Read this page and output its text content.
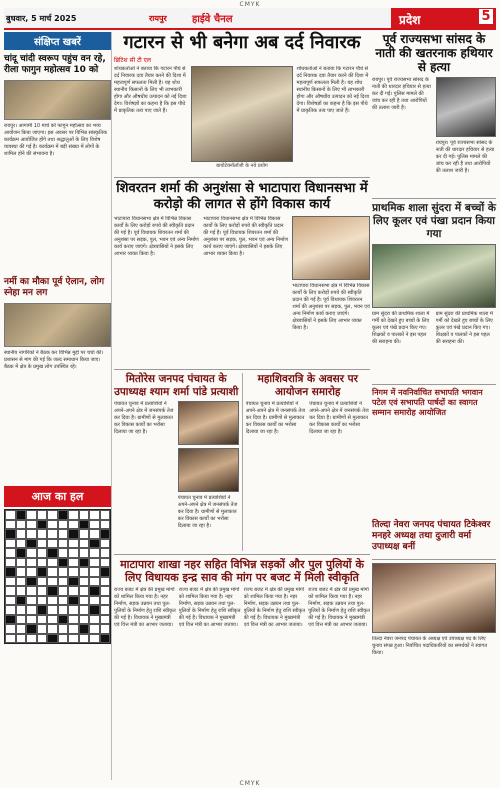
CMYK
बुधवार, 5 मार्च 2025	रायपुर	हाईवे चैनल	प्रदेश	5
संक्षिप्त खबरें
चांदू चांदी स्वरूप पहुंच वन रहे, रीला फागुन महोत्सव 10 को
रायपुर। आगामी 10 मार्च को फागुन महोत्सव का भव्य आयोजन किया जाएगा। इस अवसर पर विभिन्न सांस्कृतिक कार्यक्रम आयोजित होंगे तथा श्रद्धालुओं के लिए विशेष व्यवस्था की गई है। कार्यक्रम में बड़ी संख्या में लोगों के शामिल होने की संभावना है।
नर्मी का मौका पूर्व ऐलान, लोग स्नेहा मन लग
स्थानीय नागरिकों ने बैठक कर विभिन्न मुद्दों पर चर्चा की। प्रशासन से मांग की गई कि जल्द समाधान किया जाए। बैठक में क्षेत्र के प्रमुख लोग उपस्थित रहे।
आज का हल
गटारन से भी बनेगा अब दर्द निवारक
ब्रिटिश सी टी एल
शोधकर्ताओं ने बताया कि गटारन पौधे से दर्द निवारक दवा तैयार करने की दिशा में महत्वपूर्ण सफलता मिली है। यह शोध स्थानीय किसानों के लिए भी लाभकारी होगा और औषधीय उत्पादन को नई दिशा देगा। विशेषज्ञों का कहना है कि इस पौधे में प्राकृतिक तत्व पाए जाते हैं।
बायोटेक्नॉलॉजी के नये प्रयोग
शोधकर्ताओं ने बताया कि गटारन पौधे से दर्द निवारक दवा तैयार करने की दिशा में महत्वपूर्ण सफलता मिली है। यह शोध स्थानीय किसानों के लिए भी लाभकारी होगा और औषधीय उत्पादन को नई दिशा देगा। विशेषज्ञों का कहना है कि इस पौधे में प्राकृतिक तत्व पाए जाते हैं।
शिवरतन शर्मा की अनुशंसा से भाटापारा विधानसभा में करोड़ो की लागत से होंगे विकास कार्य
भाटापारा विधानसभा क्षेत्र में विभिन्न विकास कार्यों के लिए करोड़ों रुपये की स्वीकृति प्रदान की गई है। पूर्व विधायक शिवरतन शर्मा की अनुशंसा पर सड़क, पुल, भवन एवं अन्य निर्माण कार्य कराए जाएंगे। क्षेत्रवासियों ने इसके लिए आभार व्यक्त किया है।
भाटापारा विधानसभा क्षेत्र में विभिन्न विकास कार्यों के लिए करोड़ों रुपये की स्वीकृति प्रदान की गई है। पूर्व विधायक शिवरतन शर्मा की अनुशंसा पर सड़क, पुल, भवन एवं अन्य निर्माण कार्य कराए जाएंगे। क्षेत्रवासियों ने इसके लिए आभार व्यक्त किया है।
भाटापारा विधानसभा क्षेत्र में विभिन्न विकास कार्यों के लिए करोड़ों रुपये की स्वीकृति प्रदान की गई है। पूर्व विधायक शिवरतन शर्मा की अनुशंसा पर सड़क, पुल, भवन एवं अन्य निर्माण कार्य कराए जाएंगे। क्षेत्रवासियों ने इसके लिए आभार व्यक्त किया है।
मितोरेस जनपद पंचायत के उपाध्यक्ष श्याम शर्मा पांडे प्रत्याशी
पंचायत चुनाव में प्रत्याशियों ने अपने-अपने क्षेत्र में जनसंपर्क तेज कर दिया है। ग्रामीणों से मुलाकात कर विकास कार्यों का भरोसा दिलाया जा रहा है।
पंचायत चुनाव में प्रत्याशियों ने अपने-अपने क्षेत्र में जनसंपर्क तेज कर दिया है। ग्रामीणों से मुलाकात कर विकास कार्यों का भरोसा दिलाया जा रहा है।
महाशिवरात्रि के अवसर पर आयोजन समारोह
पंचायत चुनाव में प्रत्याशियों ने अपने-अपने क्षेत्र में जनसंपर्क तेज कर दिया है। ग्रामीणों से मुलाकात कर विकास कार्यों का भरोसा दिलाया जा रहा है।
पंचायत चुनाव में प्रत्याशियों ने अपने-अपने क्षेत्र में जनसंपर्क तेज कर दिया है। ग्रामीणों से मुलाकात कर विकास कार्यों का भरोसा दिलाया जा रहा है।
माटापारा शाखा नहर सहित विभिन्न सड़कों और पुल पुलियों के लिए विधायक इन्द्र साव की मांग पर बजट में मिली स्वीकृति
राज्य बजट में क्षेत्र की प्रमुख मांगों को शामिल किया गया है। नहर निर्माण, सड़क उन्नयन तथा पुल-पुलियों के निर्माण हेतु राशि स्वीकृत की गई है। विधायक ने मुख्यमंत्री एवं वित्त मंत्री का आभार जताया।
राज्य बजट में क्षेत्र की प्रमुख मांगों को शामिल किया गया है। नहर निर्माण, सड़क उन्नयन तथा पुल-पुलियों के निर्माण हेतु राशि स्वीकृत की गई है। विधायक ने मुख्यमंत्री एवं वित्त मंत्री का आभार जताया।
राज्य बजट में क्षेत्र की प्रमुख मांगों को शामिल किया गया है। नहर निर्माण, सड़क उन्नयन तथा पुल-पुलियों के निर्माण हेतु राशि स्वीकृत की गई है। विधायक ने मुख्यमंत्री एवं वित्त मंत्री का आभार जताया।
राज्य बजट में क्षेत्र की प्रमुख मांगों को शामिल किया गया है। नहर निर्माण, सड़क उन्नयन तथा पुल-पुलियों के निर्माण हेतु राशि स्वीकृत की गई है। विधायक ने मुख्यमंत्री एवं वित्त मंत्री का आभार जताया।
पूर्व राज्यसभा सांसद के नाती की खतरनाक हथियार से हत्या
रायपुर। पूर्व राज्यसभा सांसद के नाती की धारदार हथियार से हत्या कर दी गई। पुलिस मामले की जांच कर रही है तथा आरोपियों की तलाश जारी है।
रायपुर। पूर्व राज्यसभा सांसद के नाती की धारदार हथियार से हत्या कर दी गई। पुलिस मामले की जांच कर रही है तथा आरोपियों की तलाश जारी है।
प्राथमिक शाला सुंदरा में बच्चों के लिए कूलर एवं पंखा प्रदान किया गया
ग्राम सुंदरा की प्राथमिक शाला में गर्मी को देखते हुए बच्चों के लिए कूलर एवं पंखे प्रदान किए गए। शिक्षकों व पालकों ने इस पहल की सराहना की।
ग्राम सुंदरा की प्राथमिक शाला में गर्मी को देखते हुए बच्चों के लिए कूलर एवं पंखे प्रदान किए गए। शिक्षकों व पालकों ने इस पहल की सराहना की।
निगम में नवनिर्वाचित सभापति भगवान पटेल एवं सभापति पार्षदों का स्वागत सम्मान समारोह आयोजित
तिल्दा नेवरा जनपद पंचायत के अध्यक्ष एवं उपाध्यक्ष पद के लिए चुनाव संपन्न हुआ। निर्वाचित पदाधिकारियों का समर्थकों ने स्वागत किया।
तिल्दा नेवरा जनपद पंचायत टिकेश्वर मनहरे अध्यक्ष तथा दुजारी वर्मा उपाध्यक्ष बनीं
CMYK
